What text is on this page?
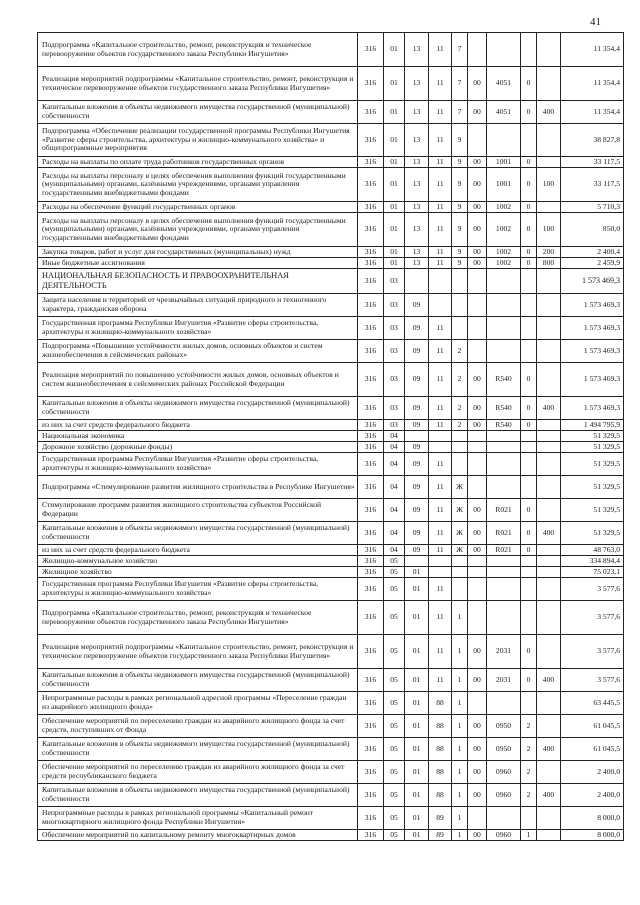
41
Подпрограмма «Капитальное строительство, ремонт, реконструкция и техническое перевооружение объектов государственного заказа Республики Ингушетия»	316	01	13	11	7					11 354,4
Реализация мероприятий подпрограммы «Капитальное строительство, ремонт, реконструкция и техническое перевооружение объектов государственного заказа Республики Ингушетия»	316	01	13	11	7	00	4051	0		11 354,4
Капитальные вложения в объекты недвижимого имущества государственной (муниципальной) собственности	316	01	13	11	7	00	4051	0	400	11 354,4
Подпрограмма «Обеспечение реализации государственной программы Республики Ингушетия «Развитие сферы строительства, архитектуры и жилищно-коммунального хозяйства» и общепрограммные мероприятия	316	01	13	11	9					38 827,8
Расходы на выплаты по оплате труда работников государственных органов	316	01	13	11	9	00	1001	0		33 117,5
Расходы на выплаты персоналу в целях обеспечения выполнения функций государственными (муниципальными) органами, казёнными учреждениями, органами управления государственными внебюджетными фондами	316	01	13	11	9	00	1001	0	100	33 117,5
Расходы на обеспечение функций государственных органов	316	01	13	11	9	00	1002	0		5 710,3
Расходы на выплаты персоналу в целях обеспечения выполнения функций государственными (муниципальными) органами, казёнными учреждениями, органами управления государственными внебюджетными фондами	316	01	13	11	9	00	1002	0	100	850,0
Закупка товаров, работ и услуг для государственных (муниципальных) нужд	316	01	13	11	9	00	1002	0	200	2 400,4
Иные бюджетные ассигнования	316	01	13	11	9	00	1002	0	800	2 459,9
НАЦИОНАЛЬНАЯ БЕЗОПАСНОСТЬ И ПРАВООХРАНИТЕЛЬНАЯ ДЕЯТЕЛЬНОСТЬ	316	03								1 573 469,3
Защита населения и территорий от чрезвычайных ситуаций природного и техногенного характера, гражданская оборона	316	03	09							1 573 469,3
Государственная программа Республики Ингушетия «Развитие сферы строительства, архитектуры и жилищно-коммунального хозяйства»	316	03	09	11						1 573 469,3
Подпрограмма «Повышение устойчивости жилых домов, основных объектов и систем жизнеобеспечения в сейсмических районах»	316	03	09	11	2					1 573 469,3
Реализация мероприятий по повышению устойчивости жилых домов, основных объектов и систем жизнеобеспечения в сейсмических районах Российской Федерации	316	03	09	11	2	00	R540	0		1 573 469,3
Капитальные вложения в объекты недвижимого имущества государственной (муниципальной) собственности	316	03	09	11	2	00	R540	0	400	1 573 469,3
из них за счет средств федерального бюджета	316	03	09	11	2	00	R540	0		1 494 795,9
Национальная экономика	316	04								51 329,5
Дорожное хозяйство (дорожные фонды)	316	04	09							51 329,5
Государственная программа Республики Ингушетия «Развитие сферы строительства, архитектуры и жилищно-коммунального хозяйства»	316	04	09	11						51 329,5
Подпрограмма «Стимулирование развития жилищного строительства в Республике Ингушетия»	316	04	09	11	Ж					51 329,5
Стимулирование программ развития жилищного строительства субъектов Российской Федерации	316	04	09	11	Ж	00	R021	0		51 329,5
Капитальные вложения в объекты недвижимого имущества государственной (муниципальной) собственности	316	04	09	11	Ж	00	R021	0	400	51 329,5
из них за счет средств федерального бюджета	316	04	09	11	Ж	00	R021	0		48 763,0
Жилищно-коммунальное хозяйство	316	05								334 894,4
Жилищное хозяйство	316	05	01							75 023,1
Государственная программа Республики Ингушетия «Развитие сферы строительства, архитектуры и жилищно-коммунального хозяйства»	316	05	01	11						3 577,6
Подпрограмма «Капитальное строительство, ремонт, реконструкция и техническое перевооружение объектов государственного заказа Республики Ингушетия»	316	05	01	11	1					3 577,6
Реализация мероприятий подпрограммы «Капитальное строительство, ремонт, реконструкция и техническое перевооружение объектов государственного заказа Республики Ингушетия»	316	05	01	11	1	00	2031	0		3 577,6
Капитальные вложения в объекты недвижимого имущества государственной (муниципальной) собственности	316	05	01	11	1	00	2031	0	400	3 577,6
Непрограммные расходы в рамках региональной адресной программы «Переселение граждан из аварийного жилищного фонда»	316	05	01	88	1					63 445,5
Обеспечение мероприятий по переселению граждан из аварийного жилищного фонда за счет средств, поступивших от Фонда	316	05	01	88	1	00	0950	2		61 045,5
Капитальные вложения в объекты недвижимого имущества государственной (муниципальной) собственности	316	05	01	88	1	00	0950	2	400	61 045,5
Обеспечение мероприятий по переселению граждан из аварийного жилищного фонда за счет средств республиканского бюджета	316	05	01	88	1	00	0960	2		2 400,0
Капитальные вложения в объекты недвижимого имущества государственной (муниципальной) собственности	316	05	01	88	1	00	0960	2	400	2 400,0
Непрограммные расходы в рамках региональной программы «Капитальный ремонт многоквартирного жилищного фонда Республики Ингушетия»	316	05	01	89	1					8 000,0
Обеспечение мероприятий по капитальному ремонту многоквартирных домов	316	05	01	89	1	00	0960	1		8 000,0
